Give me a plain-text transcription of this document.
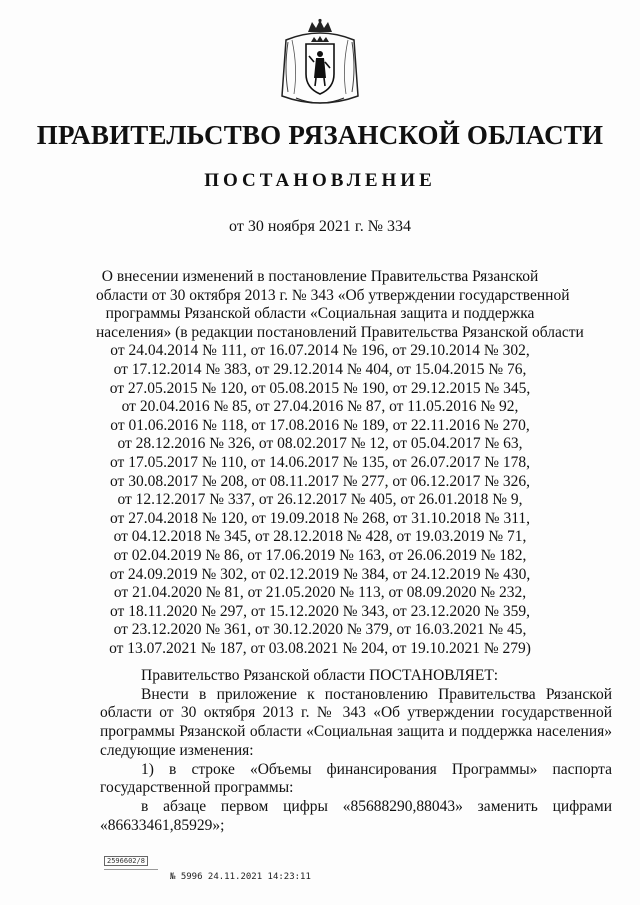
ПРАВИТЕЛЬСТВО РЯЗАНСКОЙ ОБЛАСТИ
ПОСТАНОВЛЕНИЕ
от 30 ноября 2021 г. № 334
О внесении изменений в постановление Правительства Рязанской
области от 30 октября 2013 г. № 343 «Об утверждении государственной
программы Рязанской области «Социальная защита и поддержка
населения» (в редакции постановлений Правительства Рязанской области
от 24.04.2014 № 111, от 16.07.2014 № 196, от 29.10.2014 № 302,
от 17.12.2014 № 383, от 29.12.2014 № 404, от 15.04.2015 № 76,
от 27.05.2015 № 120, от 05.08.2015 № 190, от 29.12.2015 № 345,
от 20.04.2016 № 85, от 27.04.2016 № 87, от 11.05.2016 № 92,
от 01.06.2016 № 118, от 17.08.2016 № 189, от 22.11.2016 № 270,
от 28.12.2016 № 326, от 08.02.2017 № 12, от 05.04.2017 № 63,
от 17.05.2017 № 110, от 14.06.2017 № 135, от 26.07.2017 № 178,
от 30.08.2017 № 208, от 08.11.2017 № 277, от 06.12.2017 № 326,
от 12.12.2017 № 337, от 26.12.2017 № 405, от 26.01.2018 № 9,
от 27.04.2018 № 120, от 19.09.2018 № 268, от 31.10.2018 № 311,
от 04.12.2018 № 345, от 28.12.2018 № 428, от 19.03.2019 № 71,
от 02.04.2019 № 86, от 17.06.2019 № 163, от 26.06.2019 № 182,
от 24.09.2019 № 302, от 02.12.2019 № 384, от 24.12.2019 № 430,
от 21.04.2020 № 81, от 21.05.2020 № 113, от 08.09.2020 № 232,
от 18.11.2020 № 297, от 15.12.2020 № 343, от 23.12.2020 № 359,
от 23.12.2020 № 361, от 30.12.2020 № 379, от 16.03.2021 № 45,
от 13.07.2021 № 187, от 03.08.2021 № 204, от 19.10.2021 № 279)

Правительство Рязанской области ПОСТАНОВЛЯЕТ:

Внести в приложение к постановлению Правительства Рязанской области от 30 октября 2013 г. № 343 «Об утверждении государственной программы Рязанской области «Социальная защита и поддержка населения» следующие изменения:

1) в строке «Объемы финансирования Программы» паспорта государственной программы:

в абзаце первом цифры «85688290,88043» заменить цифрами «86633461,85929»;

2596602/8
№ 5996 24.11.2021 14:23:11
